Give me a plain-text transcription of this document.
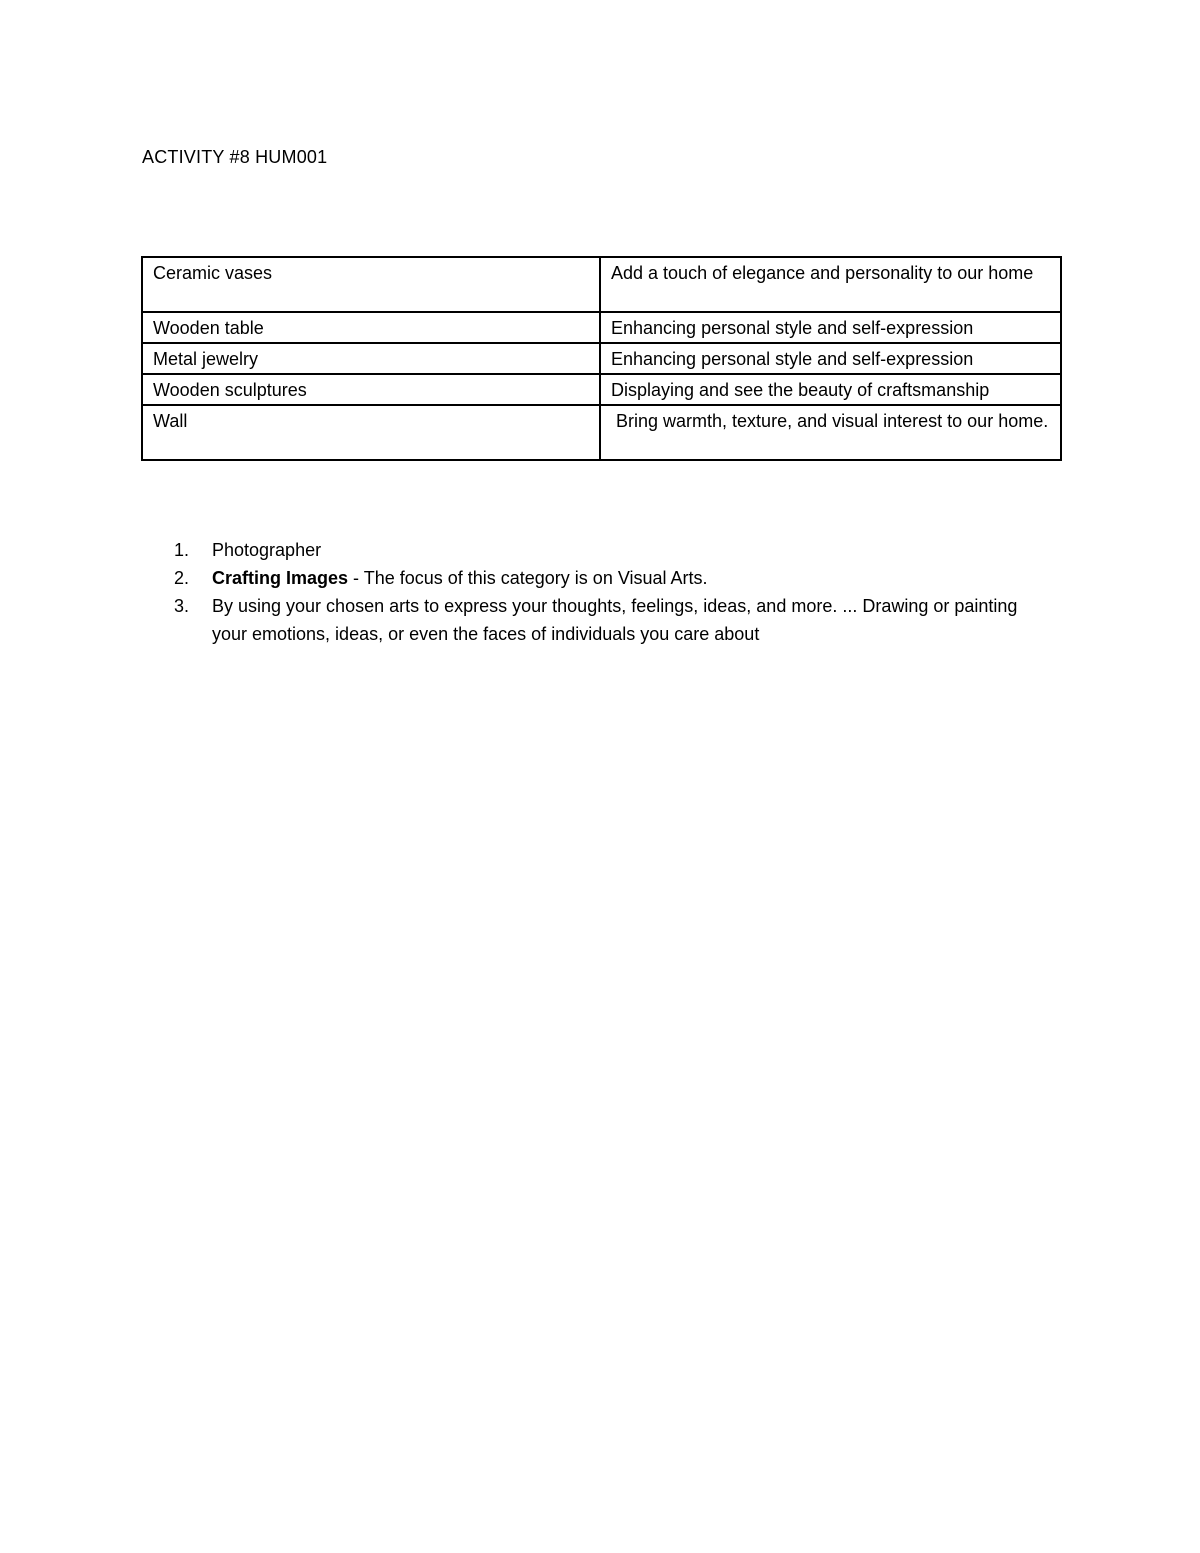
ACTIVITY #8 HUM001
Ceramic vases	Add a touch of elegance and personality to our home
Wooden table	Enhancing personal style and self-expression
Metal jewelry	Enhancing personal style and self-expression
Wooden sculptures	Displaying and see the beauty of craftsmanship
Wall	Bring warmth, texture, and visual interest to our home.
1. Photographer
2. Crafting Images - The focus of this category is on Visual Arts.
3. By using your chosen arts to express your thoughts, feelings, ideas, and more. ... Drawing or painting your emotions, ideas, or even the faces of individuals you care about
